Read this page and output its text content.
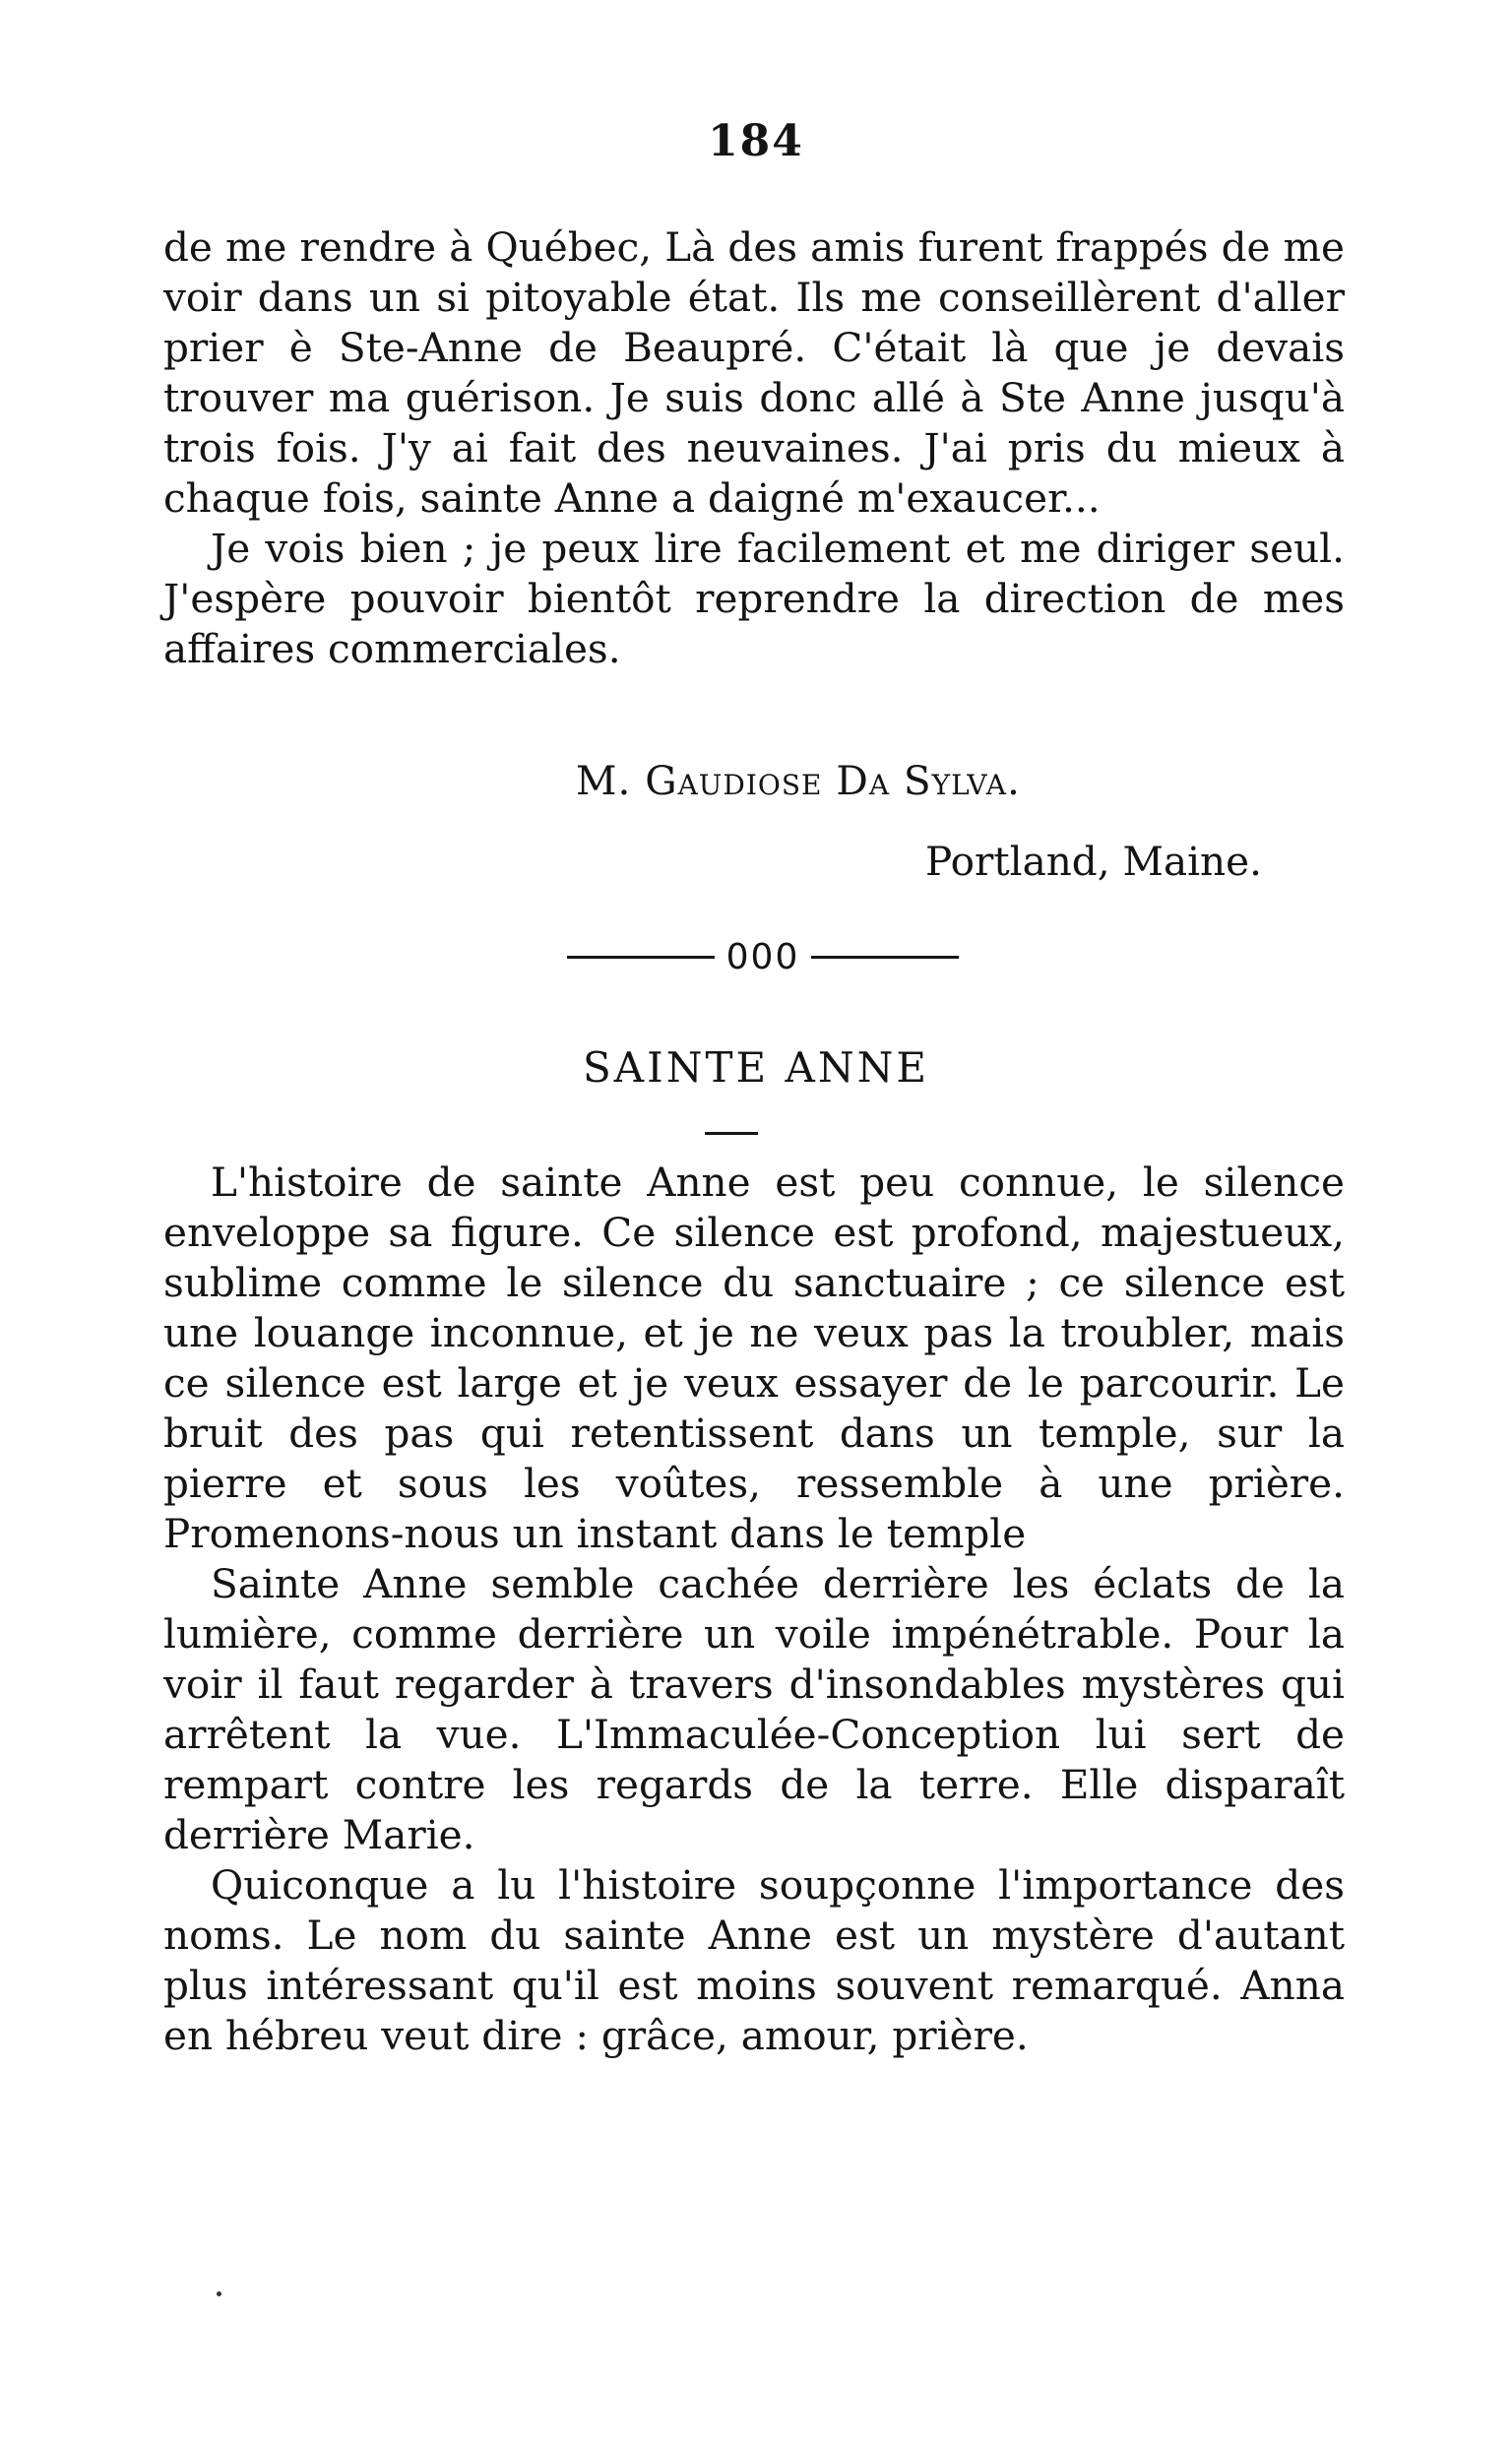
184

de me rendre à Québec, Là des amis furent frappés de me voir dans un si pitoyable état. Ils me conseillèrent d'aller prier è Ste-Anne de Beaupré. C'était là que je devais trouver ma guérison. Je suis donc allé à Ste Anne jusqu'à trois fois. J'y ai fait des neuvaines. J'ai pris du mieux à chaque fois, sainte Anne a daigné m'exaucer...

Je vois bien ; je peux lire facilement et me diriger seul. J'espère pouvoir bientôt reprendre la direction de mes affaires commerciales.

M. Gaudiose Da Sylva.
Portland, Maine.
000
SAINTE ANNE

L'histoire de sainte Anne est peu connue, le silence enveloppe sa figure. Ce silence est profond, majestueux, sublime comme le silence du sanctuaire ; ce silence est une louange inconnue, et je ne veux pas la troubler, mais ce silence est large et je veux essayer de le parcourir. Le bruit des pas qui retentissent dans un temple, sur la pierre et sous les voûtes, ressemble à une prière. Promenons-nous un instant dans le temple

Sainte Anne semble cachée derrière les éclats de la lumière, comme derrière un voile impénétrable. Pour la voir il faut regarder à travers d'insondables mystères qui arrêtent la vue. L'Immaculée-Conception lui sert de rempart contre les regards de la terre. Elle disparaît derrière Marie.

Quiconque a lu l'histoire soupçonne l'importance des noms. Le nom du sainte Anne est un mystère d'autant plus intéressant qu'il est moins souvent remarqué. Anna en hébreu veut dire : grâce, amour, prière.
